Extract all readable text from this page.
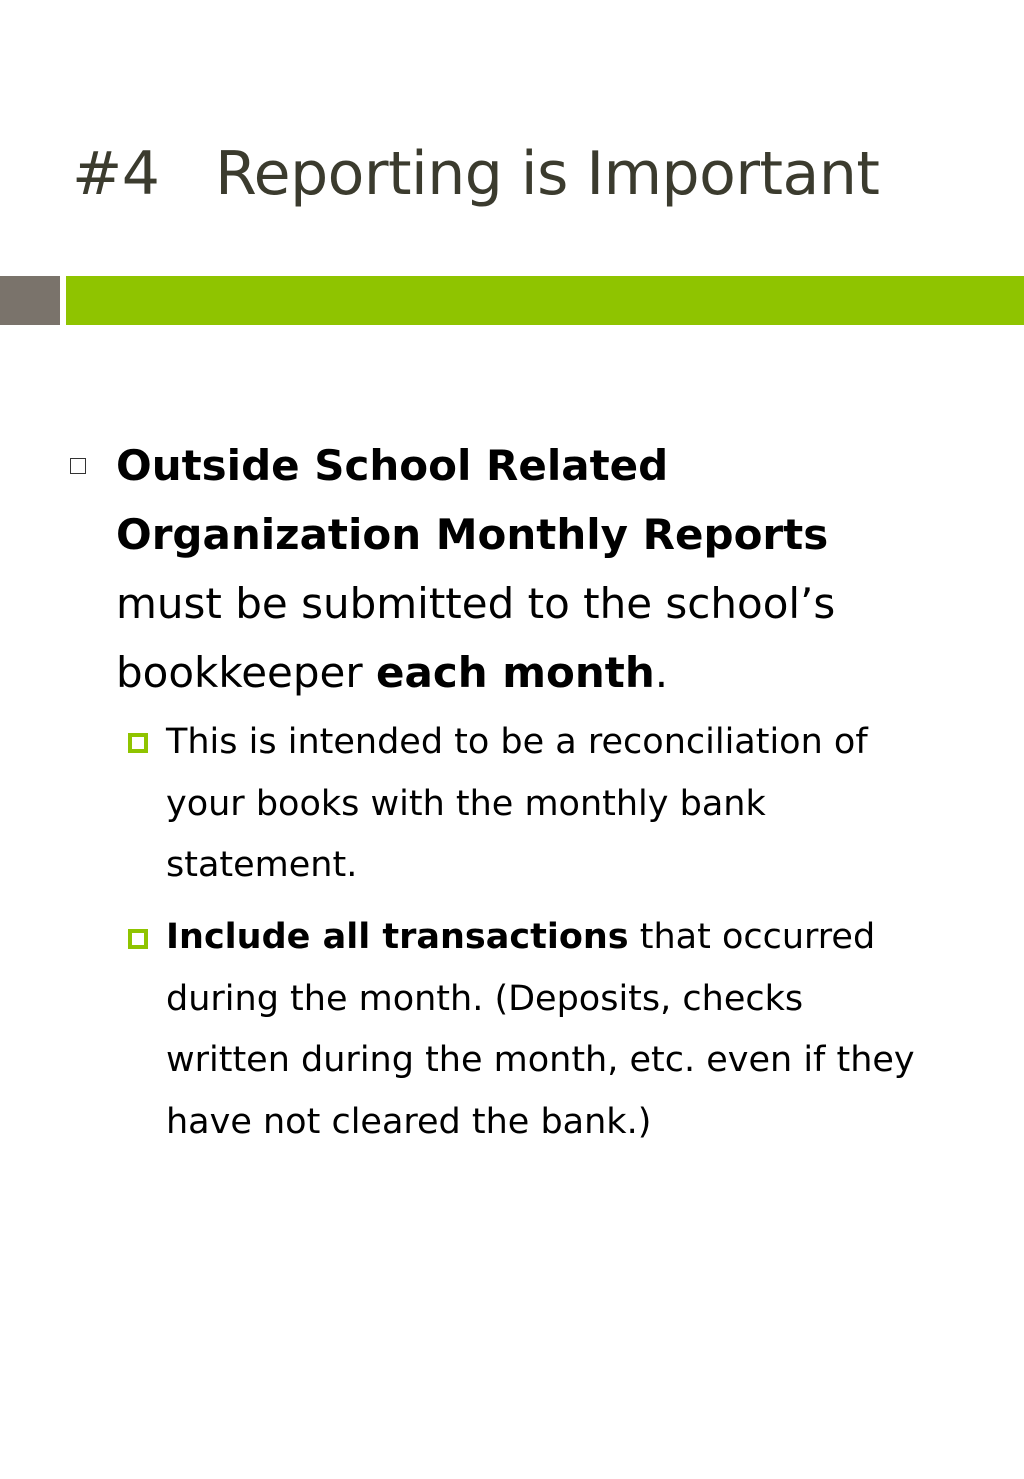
#4   Reporting is Important
Outside School Related Organization Monthly Reports must be submitted to the school’s bookkeeper each month.
This is intended to be a reconciliation of your books with the monthly bank statement.
Include all transactions that occurred during the month. (Deposits, checks written during the month, etc. even if they have not cleared the bank.)
